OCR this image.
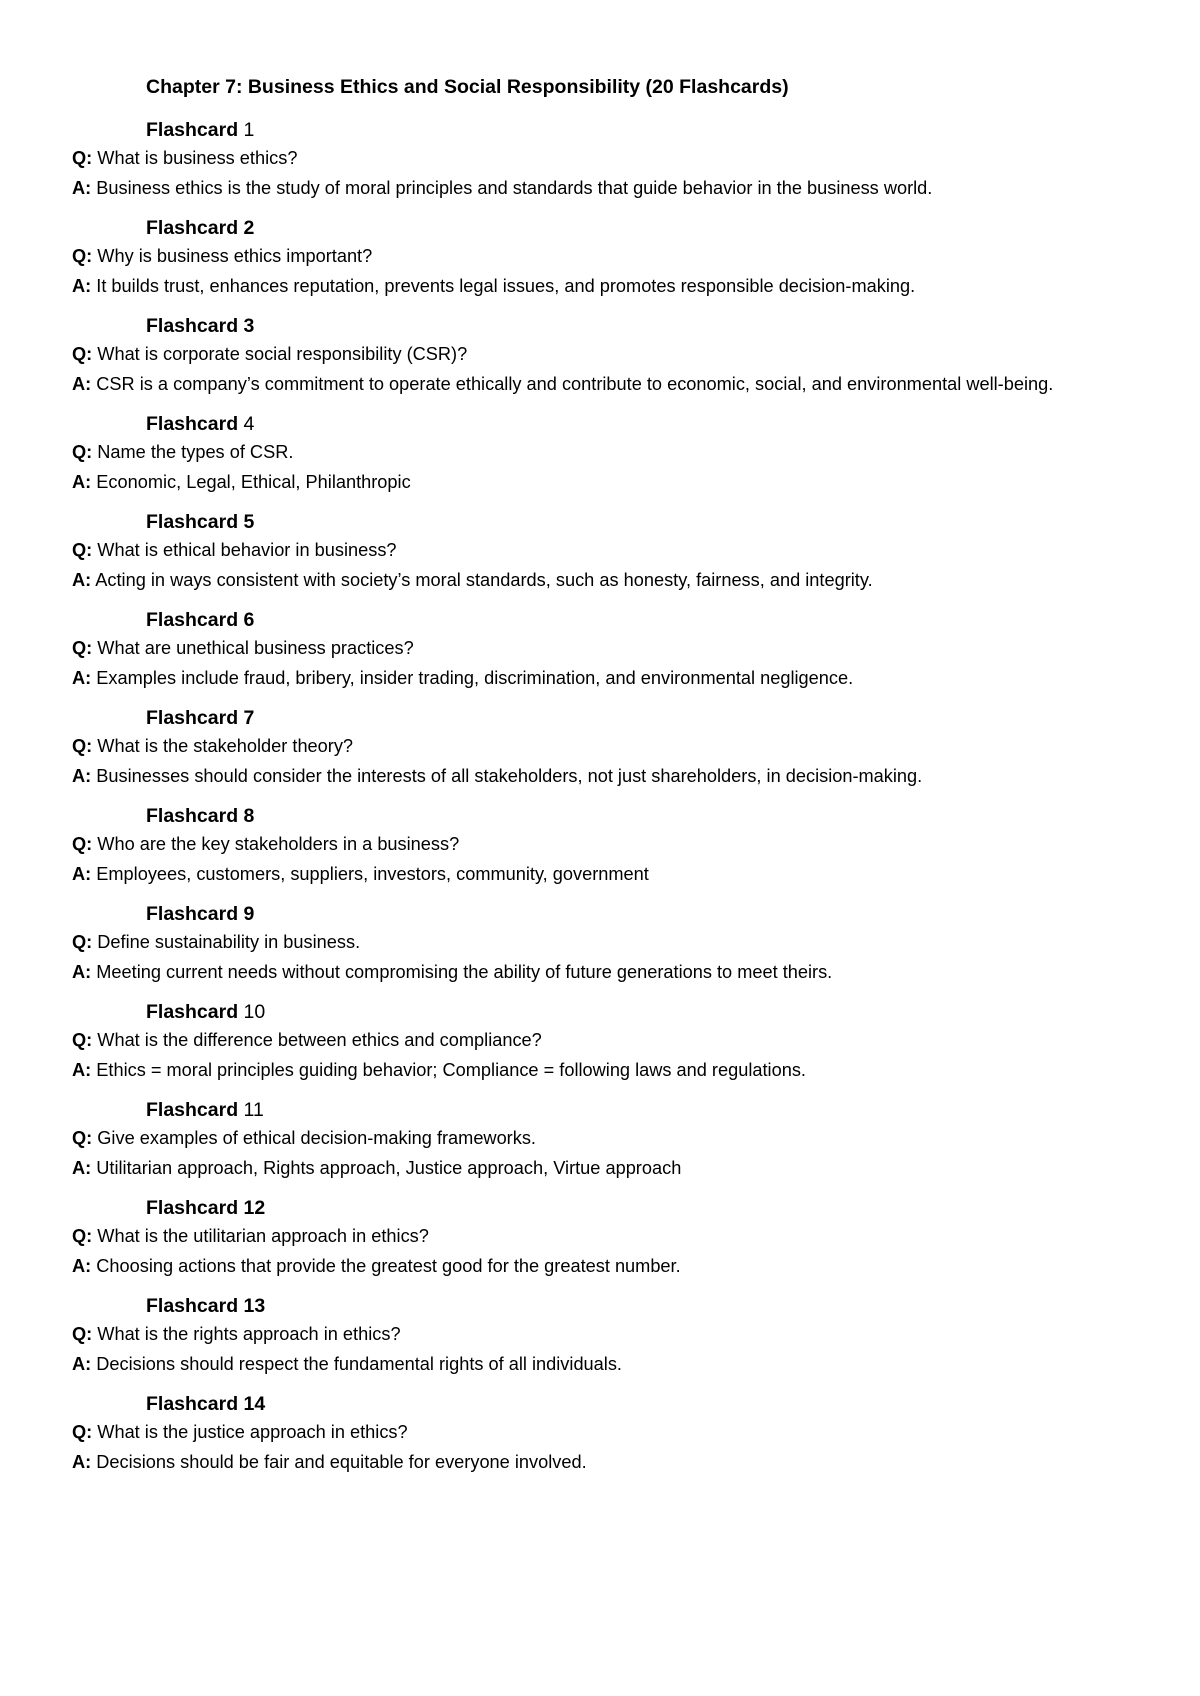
Chapter 7: Business Ethics and Social Responsibility (20 Flashcards)
Flashcard 1
Q: What is business ethics?
A: Business ethics is the study of moral principles and standards that guide behavior in the business world.
Flashcard 2
Q: Why is business ethics important?
A: It builds trust, enhances reputation, prevents legal issues, and promotes responsible decision-making.
Flashcard 3
Q: What is corporate social responsibility (CSR)?
A: CSR is a company’s commitment to operate ethically and contribute to economic, social, and environmental well-being.
Flashcard 4
Q: Name the types of CSR.
A: Economic, Legal, Ethical, Philanthropic
Flashcard 5
Q: What is ethical behavior in business?
A: Acting in ways consistent with society’s moral standards, such as honesty, fairness, and integrity.
Flashcard 6
Q: What are unethical business practices?
A: Examples include fraud, bribery, insider trading, discrimination, and environmental negligence.
Flashcard 7
Q: What is the stakeholder theory?
A: Businesses should consider the interests of all stakeholders, not just shareholders, in decision-making.
Flashcard 8
Q: Who are the key stakeholders in a business?
A: Employees, customers, suppliers, investors, community, government
Flashcard 9
Q: Define sustainability in business.
A: Meeting current needs without compromising the ability of future generations to meet theirs.
Flashcard 10
Q: What is the difference between ethics and compliance?
A: Ethics = moral principles guiding behavior; Compliance = following laws and regulations.
Flashcard 11
Q: Give examples of ethical decision-making frameworks.
A: Utilitarian approach, Rights approach, Justice approach, Virtue approach
Flashcard 12
Q: What is the utilitarian approach in ethics?
A: Choosing actions that provide the greatest good for the greatest number.
Flashcard 13
Q: What is the rights approach in ethics?
A: Decisions should respect the fundamental rights of all individuals.
Flashcard 14
Q: What is the justice approach in ethics?
A: Decisions should be fair and equitable for everyone involved.
